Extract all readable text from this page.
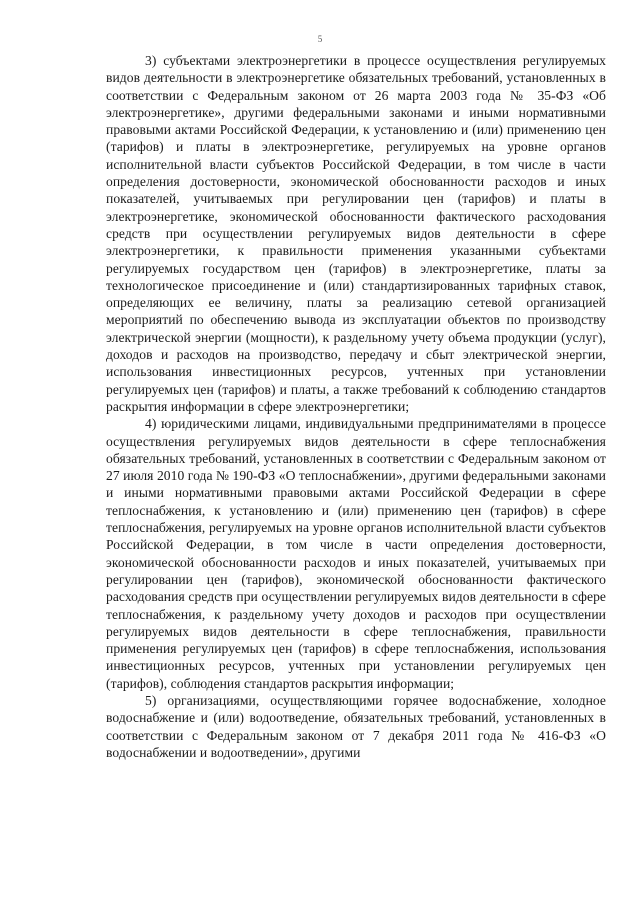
5

3) субъектами электроэнергетики в процессе осуществления регулируемых видов деятельности в электроэнергетике обязательных требований, установленных в соответствии с Федеральным законом от 26 марта 2003 года № 35-ФЗ «Об электроэнергетике», другими федеральными законами и иными нормативными правовыми актами Российской Федерации, к установлению и (или) применению цен (тарифов) и платы в электроэнергетике, регулируемых на уровне органов исполнительной власти субъектов Российской Федерации, в том числе в части определения достоверности, экономической обоснованности расходов и иных показателей, учитываемых при регулировании цен (тарифов) и платы в электроэнергетике, экономической обоснованности фактического расходования средств при осуществлении регулируемых видов деятельности в сфере электроэнергетики, к правильности применения указанными субъектами регулируемых государством цен (тарифов) в электроэнергетике, платы за технологическое присоединение и (или) стандартизированных тарифных ставок, определяющих ее величину, платы за реализацию сетевой организацией мероприятий по обеспечению вывода из эксплуатации объектов по производству электрической энергии (мощности), к раздельному учету объема продукции (услуг), доходов и расходов на производство, передачу и сбыт электрической энергии, использования инвестиционных ресурсов, учтенных при установлении регулируемых цен (тарифов) и платы, а также требований к соблюдению стандартов раскрытия информации в сфере электроэнергетики;

4) юридическими лицами, индивидуальными предпринимателями в процессе осуществления регулируемых видов деятельности в сфере теплоснабжения обязательных требований, установленных в соответствии с Федеральным законом от 27 июля 2010 года № 190-ФЗ «О теплоснабжении», другими федеральными законами и иными нормативными правовыми актами Российской Федерации в сфере теплоснабжения, к установлению и (или) применению цен (тарифов) в сфере теплоснабжения, регулируемых на уровне органов исполнительной власти субъектов Российской Федерации, в том числе в части определения достоверности, экономической обоснованности расходов и иных показателей, учитываемых при регулировании цен (тарифов), экономической обоснованности фактического расходования средств при осуществлении регулируемых видов деятельности в сфере теплоснабжения, к раздельному учету доходов и расходов при осуществлении регулируемых видов деятельности в сфере теплоснабжения, правильности применения регулируемых цен (тарифов) в сфере теплоснабжения, использования инвестиционных ресурсов, учтенных при установлении регулируемых цен (тарифов), соблюдения стандартов раскрытия информации;

5) организациями, осуществляющими горячее водоснабжение, холодное водоснабжение и (или) водоотведение, обязательных требований, установленных в соответствии с Федеральным законом от 7 декабря 2011 года № 416-ФЗ «О водоснабжении и водоотведении», другими
